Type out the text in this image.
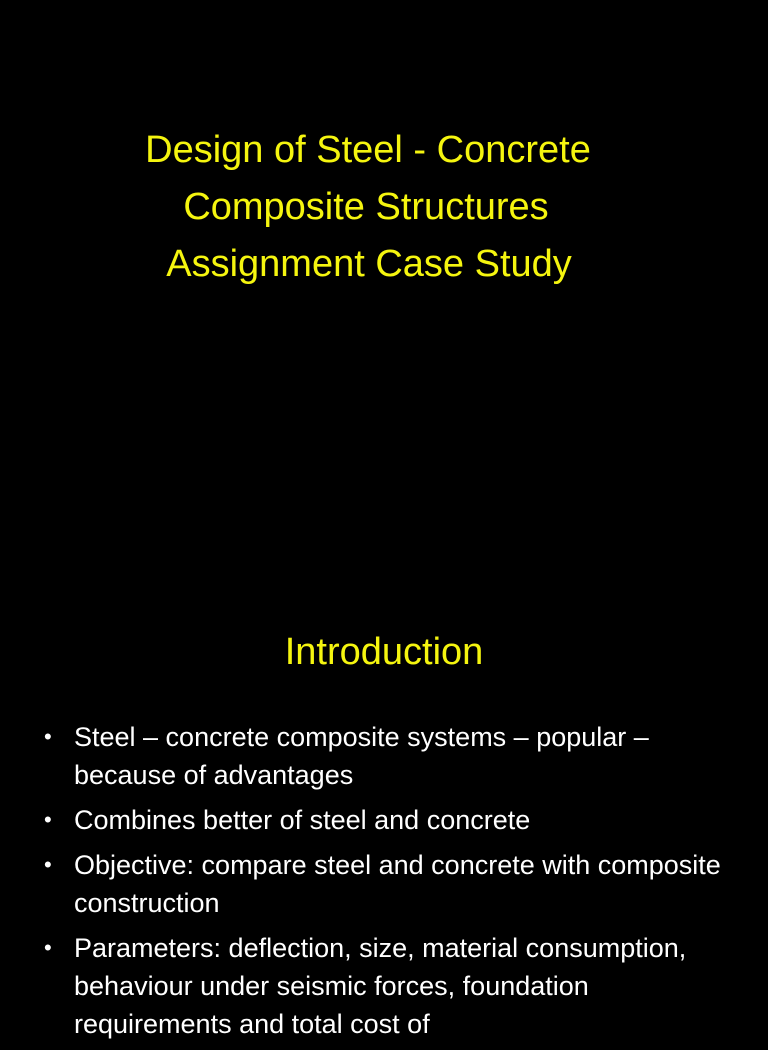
Design of Steel - Concrete
Composite Structures
Assignment Case Study
Introduction
• Steel – concrete composite systems – popular – because of advantages
• Combines better of steel and concrete
• Objective: compare steel and concrete with composite construction
• Parameters: deflection, size, material consumption, behaviour under seismic forces, foundation requirements and total cost of
